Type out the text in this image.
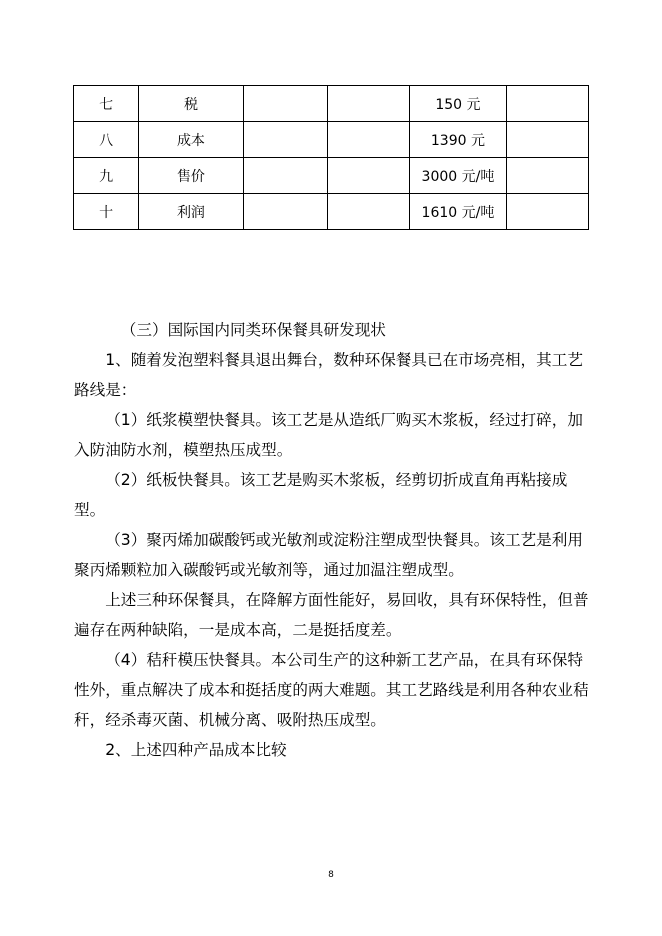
七	税			150 元	
八	成本			1390 元	
九	售价			3000 元/吨	
十	利润			1610 元/吨	

（三）国际国内同类环保餐具研发现状

1、随着发泡塑料餐具退出舞台，数种环保餐具已在市场亮相，其工艺路线是：

（1）纸浆模塑快餐具。该工艺是从造纸厂购买木浆板，经过打碎，加入防油防水剂，模塑热压成型。

（2）纸板快餐具。该工艺是购买木浆板，经剪切折成直角再粘接成型。

（3）聚丙烯加碳酸钙或光敏剂或淀粉注塑成型快餐具。该工艺是利用聚丙烯颗粒加入碳酸钙或光敏剂等，通过加温注塑成型。

上述三种环保餐具，在降解方面性能好，易回收，具有环保特性，但普遍存在两种缺陷，一是成本高，二是挺括度差。

（4）秸秆模压快餐具。本公司生产的这种新工艺产品，在具有环保特性外，重点解决了成本和挺括度的两大难题。其工艺路线是利用各种农业秸秆，经杀毒灭菌、机械分离、吸附热压成型。

2、上述四种产品成本比较

8
